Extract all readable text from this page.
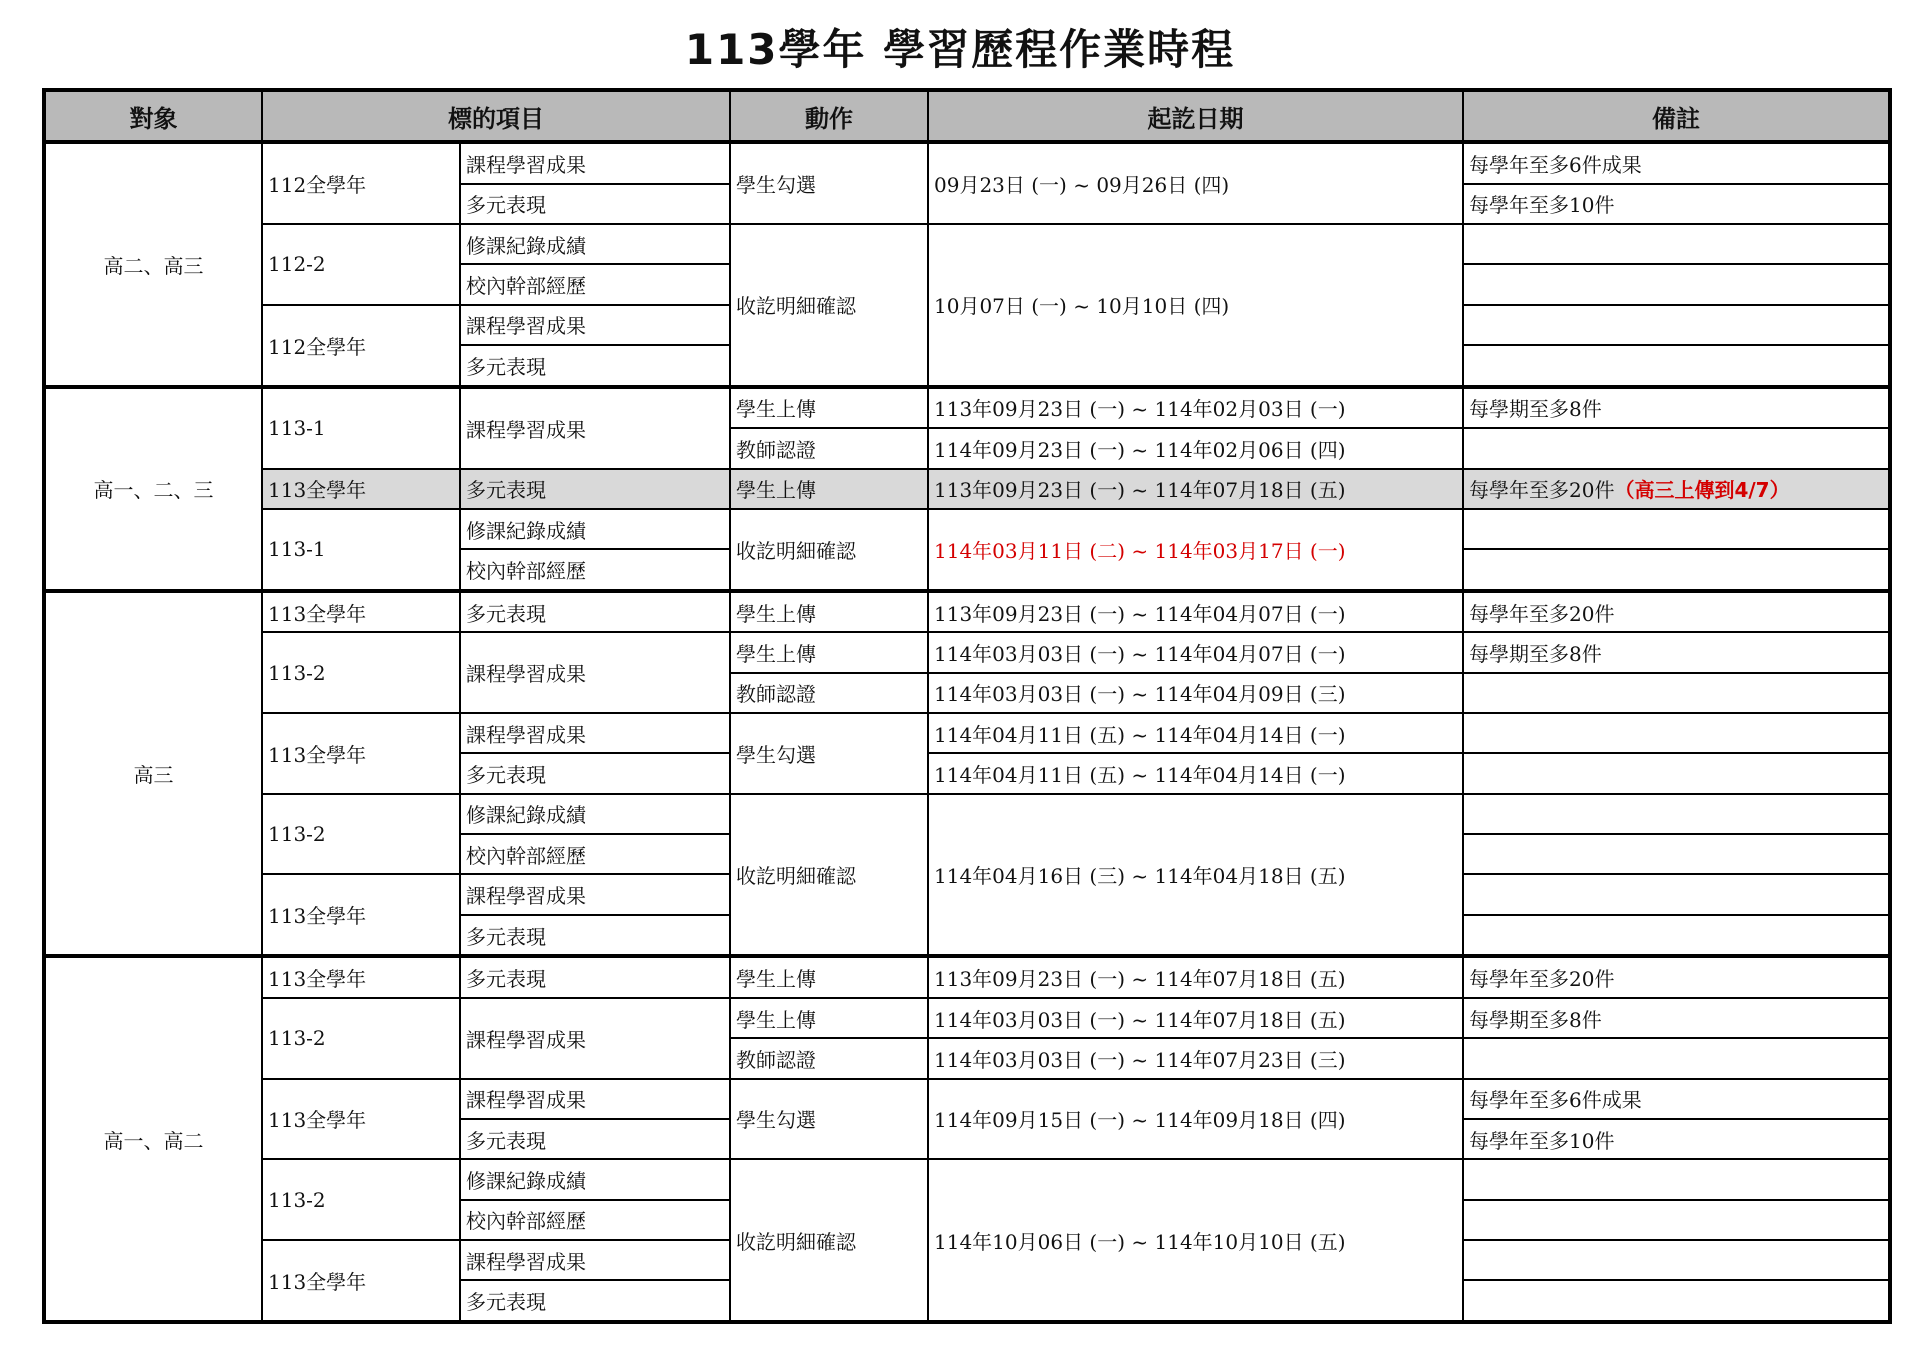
113學年 學習歷程作業時程
對象	標的項目		動作	起訖日期	備註
高二、高三	112全學年	課程學習成果	學生勾選	09月23日 (一) ~ 09月26日 (四)	每學年至多6件成果
		多元表現			每學年至多10件
	112-2	修課紀錄成績	收訖明細確認	10月07日 (一) ~ 10月10日 (四)	
		校內幹部經歷			
	112全學年	課程學習成果			
		多元表現			
高一、二、三	113-1	課程學習成果	學生上傳	113年09月23日 (一) ~ 114年02月03日 (一)	每學期至多8件
			教師認證	114年09月23日 (一) ~ 114年02月06日 (四)	
	113全學年	多元表現	學生上傳	113年09月23日 (一) ~ 114年07月18日 (五)	每學年至多20件（高三上傳到4/7）
	113-1	修課紀錄成績	收訖明細確認	114年03月11日 (二) ~ 114年03月17日 (一)	
		校內幹部經歷			
高三	113全學年	多元表現	學生上傳	113年09月23日 (一) ~ 114年04月07日 (一)	每學年至多20件
	113-2	課程學習成果	學生上傳	114年03月03日 (一) ~ 114年04月07日 (一)	每學期至多8件
			教師認證	114年03月03日 (一) ~ 114年04月09日 (三)	
	113全學年	課程學習成果	學生勾選	114年04月11日 (五) ~ 114年04月14日 (一)	
		多元表現		114年04月11日 (五) ~ 114年04月14日 (一)	
	113-2	修課紀錄成績	收訖明細確認	114年04月16日 (三) ~ 114年04月18日 (五)	
		校內幹部經歷			
	113全學年	課程學習成果			
		多元表現			
高一、高二	113全學年	多元表現	學生上傳	113年09月23日 (一) ~ 114年07月18日 (五)	每學年至多20件
	113-2	課程學習成果	學生上傳	114年03月03日 (一) ~ 114年07月18日 (五)	每學期至多8件
			教師認證	114年03月03日 (一) ~ 114年07月23日 (三)	
	113全學年	課程學習成果	學生勾選	114年09月15日 (一) ~ 114年09月18日 (四)	每學年至多6件成果
		多元表現			每學年至多10件
	113-2	修課紀錄成績	收訖明細確認	114年10月06日 (一) ~ 114年10月10日 (五)	
		校內幹部經歷			
	113全學年	課程學習成果			
		多元表現			
